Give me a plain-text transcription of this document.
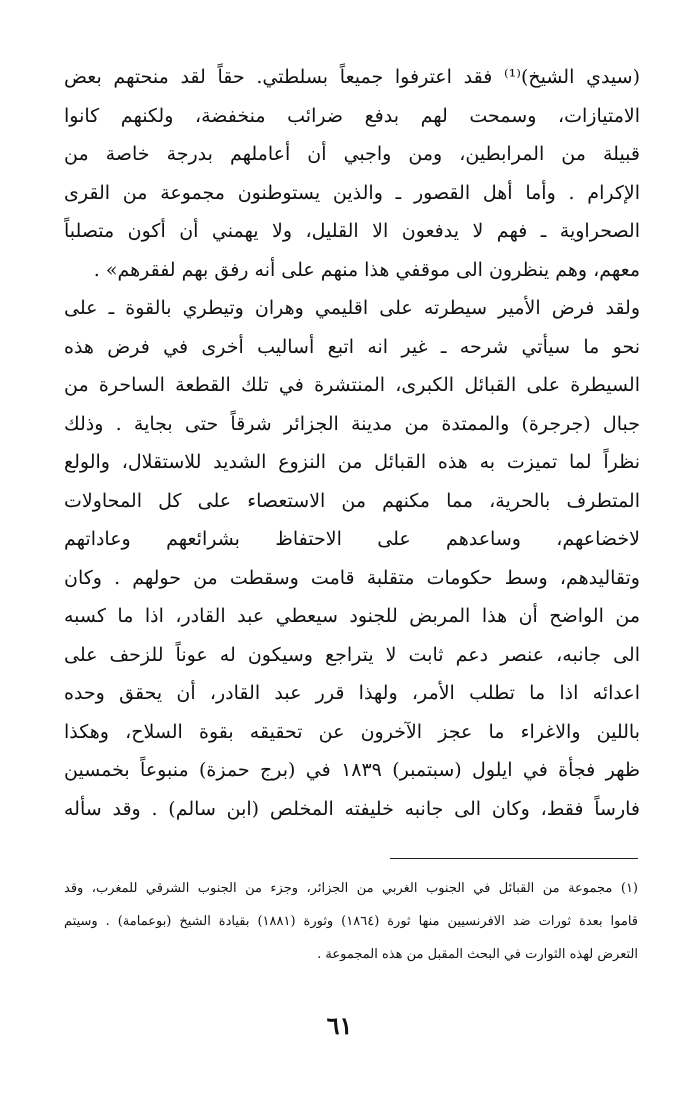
(سيدي الشيخ)⁽¹⁾ فقد اعترفوا جميعاً بسلطتي. حقاً لقد منحتهم بعض
الامتيازات، وسمحت لهم بدفع ضرائب منخفضة، ولكنهم كانوا
قبيلة من المرابطين، ومن واجبي أن أعاملهم بدرجة خاصة من
الإكرام . وأما أهل القصور ـ والذين يستوطنون مجموعة من القرى
الصحراوية ـ فهم لا يدفعون الا القليل، ولا يهمني أن أكون متصلباً
معهم، وهم ينظرون الى موقفي هذا منهم على أنه رفق بهم لفقرهم» .
ولقد فرض الأمير سيطرته على اقليمي وهران وتيطري بالقوة ـ على
نحو ما سيأتي شرحه ـ غير انه اتبع أساليب أخرى في فرض هذه
السيطرة على القبائل الكبرى، المنتشرة في تلك القطعة الساحرة من
جبال (جرجرة) والممتدة من مدينة الجزائر شرقاً حتى بجاية . وذلك
نظراً لما تميزت به هذه القبائل من النزوع الشديد للاستقلال، والولع
المتطرف بالحرية، مما مكنهم من الاستعصاء على كل المحاولات
لاخضاعهم، وساعدهم على الاحتفاظ بشرائعهم وعاداتهم
وتقاليدهم، وسط حكومات متقلبة قامت وسقطت من حولهم . وكان
من الواضح أن هذا المربض للجنود سيعطي عبد القادر، اذا ما كسبه
الى جانبه، عنصر دعم ثابت لا يتراجع وسيكون له عوناً للزحف على
اعدائه اذا ما تطلب الأمر، ولهذا قرر عبد القادر، أن يحقق وحده
باللين والاغراء ما عجز الآخرون عن تحقيقه بقوة السلاح، وهكذا
ظهر فجأة في ايلول (سبتمبر) ١٨٣٩ في (برج حمزة) منبوعاً بخمسين
فارساً فقط، وكان الى جانبه خليفته المخلص (ابن سالم) . وقد سأله
(١) مجموعة من القبائل في الجنوب الغربي من الجزائر، وجزء من الجنوب الشرقي للمغرب، وقد
قاموا بعدة ثورات ضد الافرنسيين منها ثورة (١٨٦٤) وثورة (١٨٨١) بقيادة الشيخ (بوعمامة) . وسيتم
التعرض لهذه الثوارت في البحث المقبل من هذه المجموعة .
٦١
